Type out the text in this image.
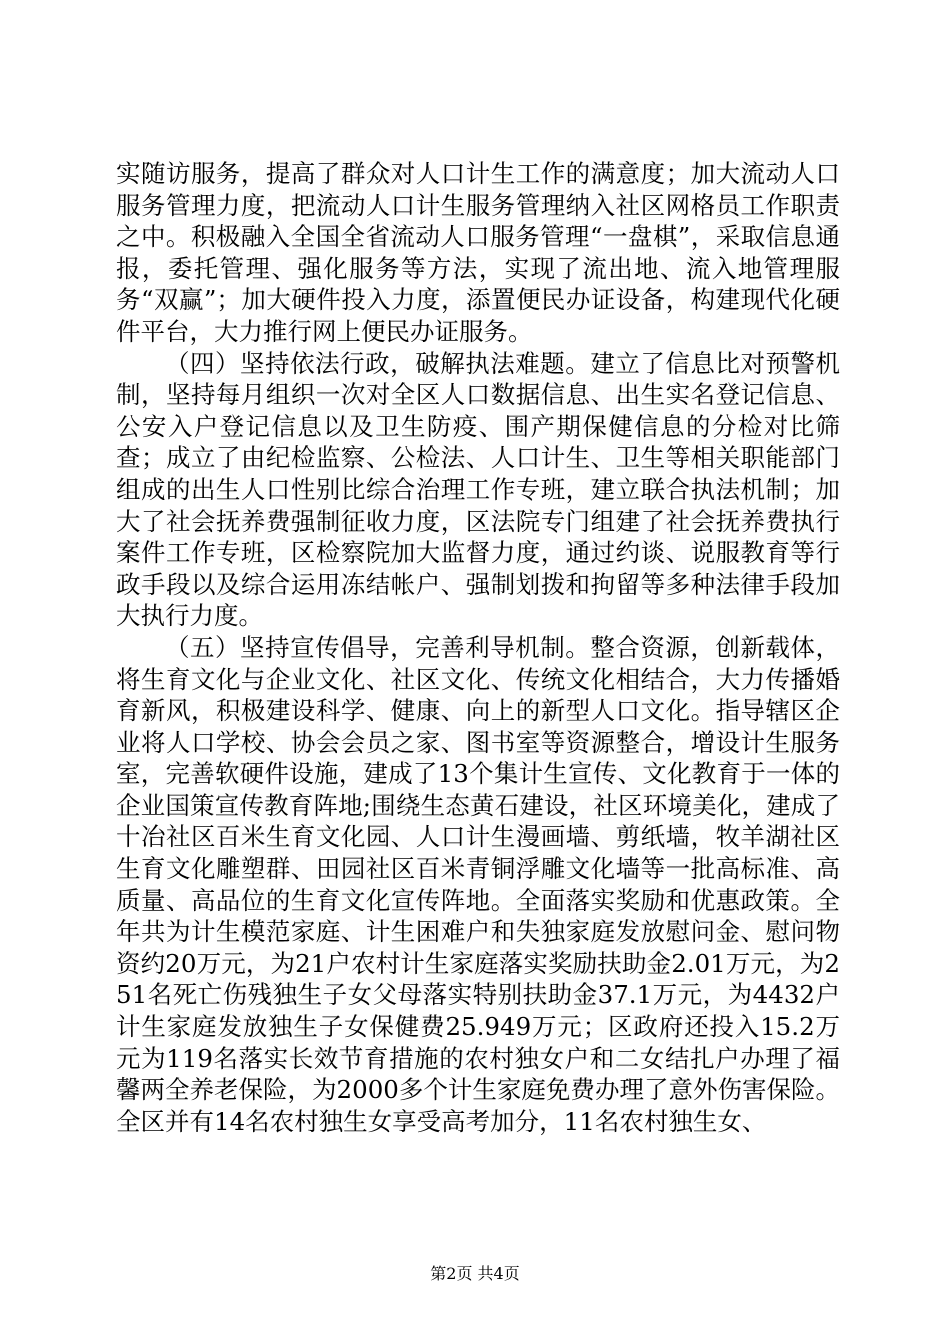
实随访服务，提高了群众对人口计生工作的满意度；加大流动人口服务管理力度，把流动人口计生服务管理纳入社区网格员工作职责之中。积极融入全国全省流动人口服务管理“一盘棋”，采取信息通报，委托管理、强化服务等方法，实现了流出地、流入地管理服务“双赢”；加大硬件投入力度，添置便民办证设备，构建现代化硬件平台，大力推行网上便民办证服务。

（四）坚持依法行政，破解执法难题。建立了信息比对预警机制，坚持每月组织一次对全区人口数据信息、出生实名登记信息、公安入户登记信息以及卫生防疫、围产期保健信息的分检对比筛查；成立了由纪检监察、公检法、人口计生、卫生等相关职能部门组成的出生人口性别比综合治理工作专班，建立联合执法机制；加大了社会抚养费强制征收力度，区法院专门组建了社会抚养费执行案件工作专班，区检察院加大监督力度，通过约谈、说服教育等行政手段以及综合运用冻结帐户、强制划拨和拘留等多种法律手段加大执行力度。

（五）坚持宣传倡导，完善利导机制。整合资源，创新载体，将生育文化与企业文化、社区文化、传统文化相结合，大力传播婚育新风，积极建设科学、健康、向上的新型人口文化。指导辖区企业将人口学校、协会会员之家、图书室等资源整合，增设计生服务室，完善软硬件设施，建成了13个集计生宣传、文化教育于一体的企业国策宣传教育阵地;围绕生态黄石建设，社区环境美化，建成了十冶社区百米生育文化园、人口计生漫画墙、剪纸墙，牧羊湖社区生育文化雕塑群、田园社区百米青铜浮雕文化墙等一批高标准、高质量、高品位的生育文化宣传阵地。全面落实奖励和优惠政策。全年共为计生模范家庭、计生困难户和失独家庭发放慰问金、慰问物资约20万元，为21户农村计生家庭落实奖励扶助金2.01万元，为251名死亡伤残独生子女父母落实特别扶助金37.1万元，为4432户计生家庭发放独生子女保健费25.949万元；区政府还投入15.2万元为119名落实长效节育措施的农村独女户和二女结扎户办理了福馨两全养老保险，为2000多个计生家庭免费办理了意外伤害保险。全区并有14名农村独生女享受高考加分，11名农村独生女、

第2页 共4页
